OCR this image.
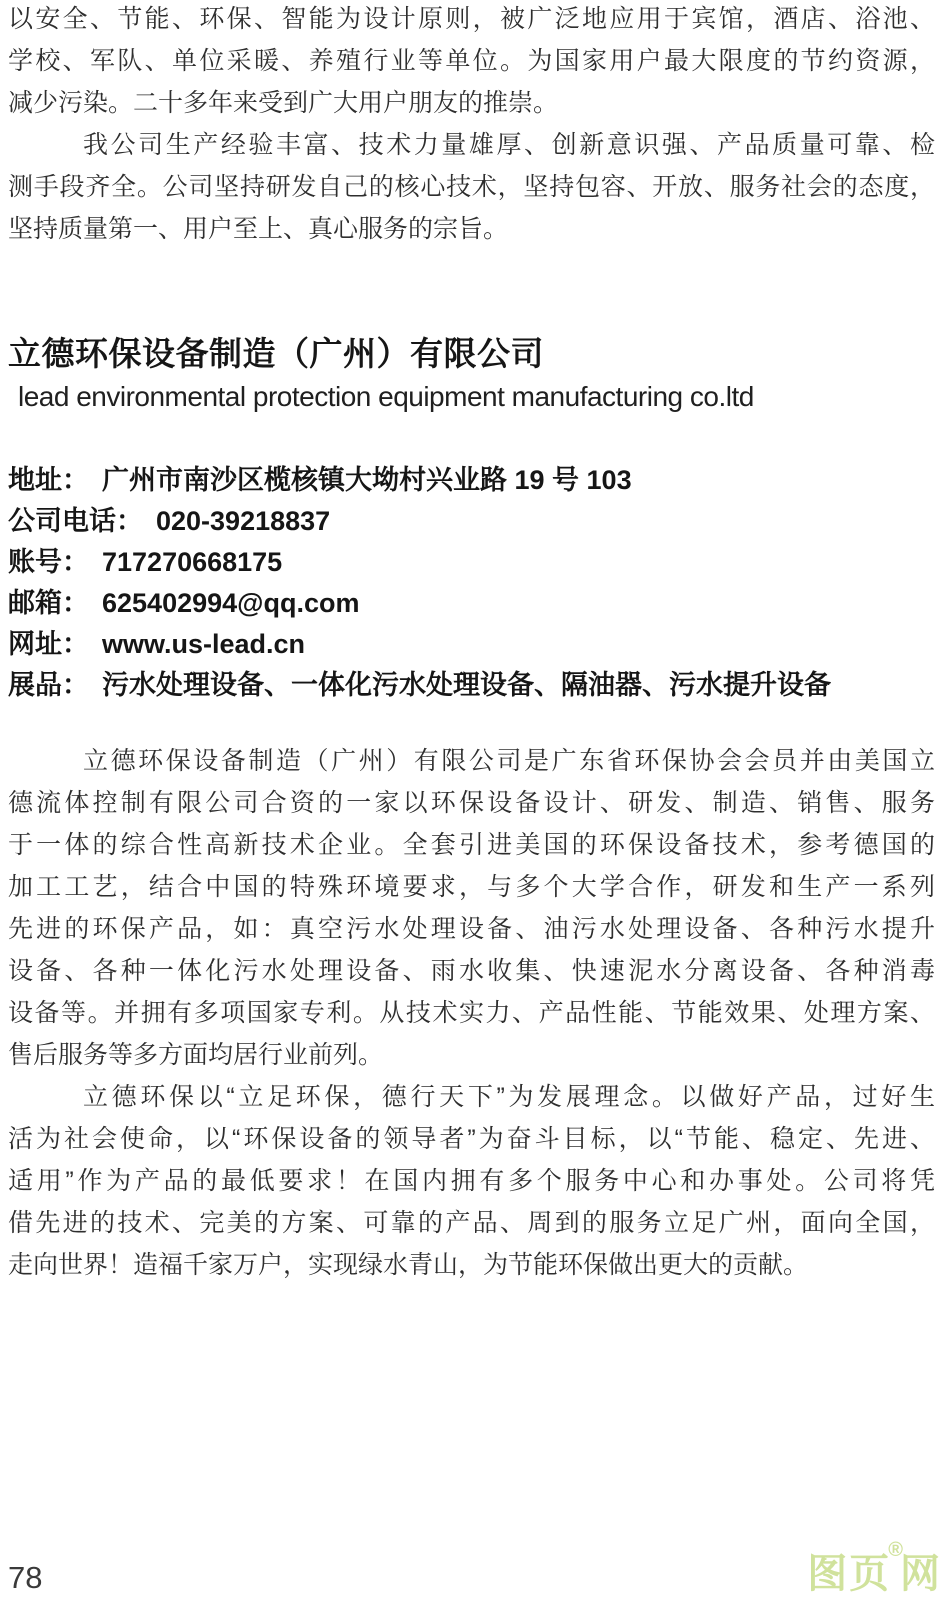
以安全、节能、环保、智能为设计原则，被广泛地应用于宾馆，酒店、浴池、
学校、军队、单位采暖、养殖行业等单位。为国家用户最大限度的节约资源，
减少污染。二十多年来受到广大用户朋友的推崇。
我公司生产经验丰富、技术力量雄厚、创新意识强、产品质量可靠、检
测手段齐全。公司坚持研发自己的核心技术，坚持包容、开放、服务社会的态度，
坚持质量第一、用户至上、真心服务的宗旨。
立德环保设备制造（广州）有限公司
lead environmental protection equipment manufacturing co.ltd
地址： 广州市南沙区榄核镇大坳村兴业路 19 号 103
公司电话： 020-39218837
账号： 717270668175
邮箱： 625402994@qq.com
网址： www.us-lead.cn
展品： 污水处理设备、一体化污水处理设备、隔油器、污水提升设备
立德环保设备制造（广州）有限公司是广东省环保协会会员并由美国立
德流体控制有限公司合资的一家以环保设备设计、研发、制造、销售、服务
于一体的综合性高新技术企业。全套引进美国的环保设备技术，参考德国的
加工工艺，结合中国的特殊环境要求，与多个大学合作，研发和生产一系列
先进的环保产品，如：真空污水处理设备、油污水处理设备、各种污水提升
设备、各种一体化污水处理设备、雨水收集、快速泥水分离设备、各种消毒
设备等。并拥有多项国家专利。从技术实力、产品性能、节能效果、处理方案、
售后服务等多方面均居行业前列。
立德环保以“立足环保，德行天下”为发展理念。以做好产品，过好生
活为社会使命，以“环保设备的领导者”为奋斗目标，以“节能、稳定、先进、
适用”作为产品的最低要求！在国内拥有多个服务中心和办事处。公司将凭
借先进的技术、完美的方案、可靠的产品、周到的服务立足广州，面向全国，
走向世界！造福千家万户，实现绿水青山，为节能环保做出更大的贡献。
78	图页
®
网
